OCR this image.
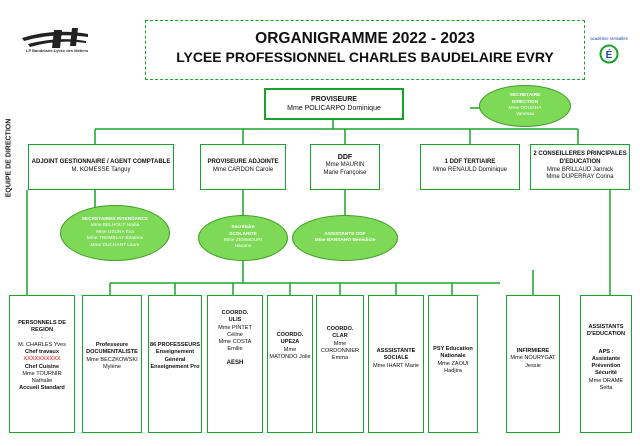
LP Baudelaire-Lycée des Métiers
académie Versailles
É
ORGANIGRAMME 2022 - 2023
LYCEE PROFESSIONNEL CHARLES BAUDELAIRE EVRY
EQUIPE DE DIRECTION
PROVISEURE
Mme POLICARPO Dominique
SECRETAIRE DIRECTION
Mme DOUGHA
Vanessa
ADJOINT GESTIONNAIRE / AGENT COMPTABLE
M. KOMESSE Tanguy
PROVISEURE ADJOINTE
Mme CARDON Carole
DDF
Mme MAURIN
Marie Françoise
1 DDF TERTIAIRE
Mme RENAULD Dominique
2 CONSEILLERES PRINCIPALES D'EDUCATION
Mme BRILLAUD Jannick
Mme DUPERRAY Corina
SECRETAIRES INTENDANCE
Mme BELHOUT Nadia
Mme UZUNA Eva
Mme TREMBLAY Béatrice
Mme DUCHANT Laure
Secrétaire SCOLARITE
Mme ZEMMOURI
Hanane
ASSISTANTE DDF
Mme BANSAHO Bénédicte
PERSONNELS DE REGION
-
M. CHARLES Yves
Chef travaux
XXXXXXXXXX
Chef Cuisine
Mme TOURNIR
Nathalie
Accueil Standard
Professeure DOCUMENTALISTE
Mme BECZKOWSKI
Mylène
86 PROFESSEURS
Enseignement
Général
Enseignement Pro
COORDO. ULIS
Mme PINTET
Céline
Mme COSTA
Emilie
AESH
COORDO. UPE2A
Mme
MATONDO Jolie
COORDO. CLAR
Mme
CORDONNIER
Emma
ASSSISTANTE SOCIALE
Mme IHART Marie
PSY Education Nationale
Mme ZAOUI
Hadjira
INFIRMIERE
Mme NOURYGAT
Jessie
ASSISTANTS D'EDUCATION
APS :
Assistante
Prévention
Sécurité
Mme DRAME
Setta
